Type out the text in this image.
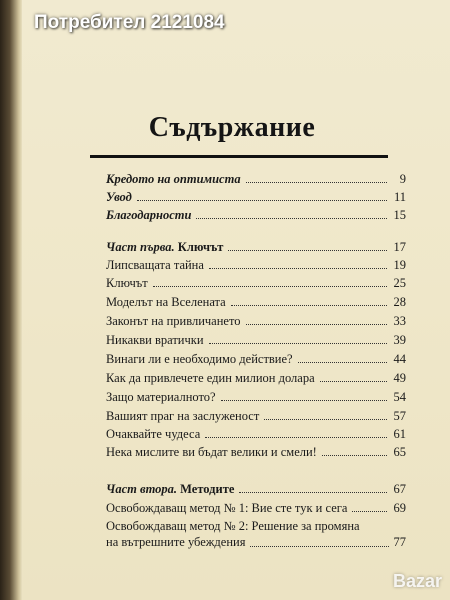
Потребител 2121084
Съдържание
Кредото на оптимиста	9
Увод	11
Благодарности	15
Част първа. Ключът	17
Липсващата тайна	19
Ключът	25
Моделът на Вселената	28
Законът на привличането	33
Никакви вратички	39
Винаги ли е необходимо действие?	44
Как да привлечете един милион долара	49
Защо материалното?	54
Вашият праг на заслуженост	57
Очаквайте чудеса	61
Нека мислите ви бъдат велики и смели!	65
Част втора. Методите	67
Освобождаващ метод № 1: Вие сте тук и сега	69
Освобождаващ метод № 2: Решение за промяна
на вътрешните убеждения	77
Bazar
